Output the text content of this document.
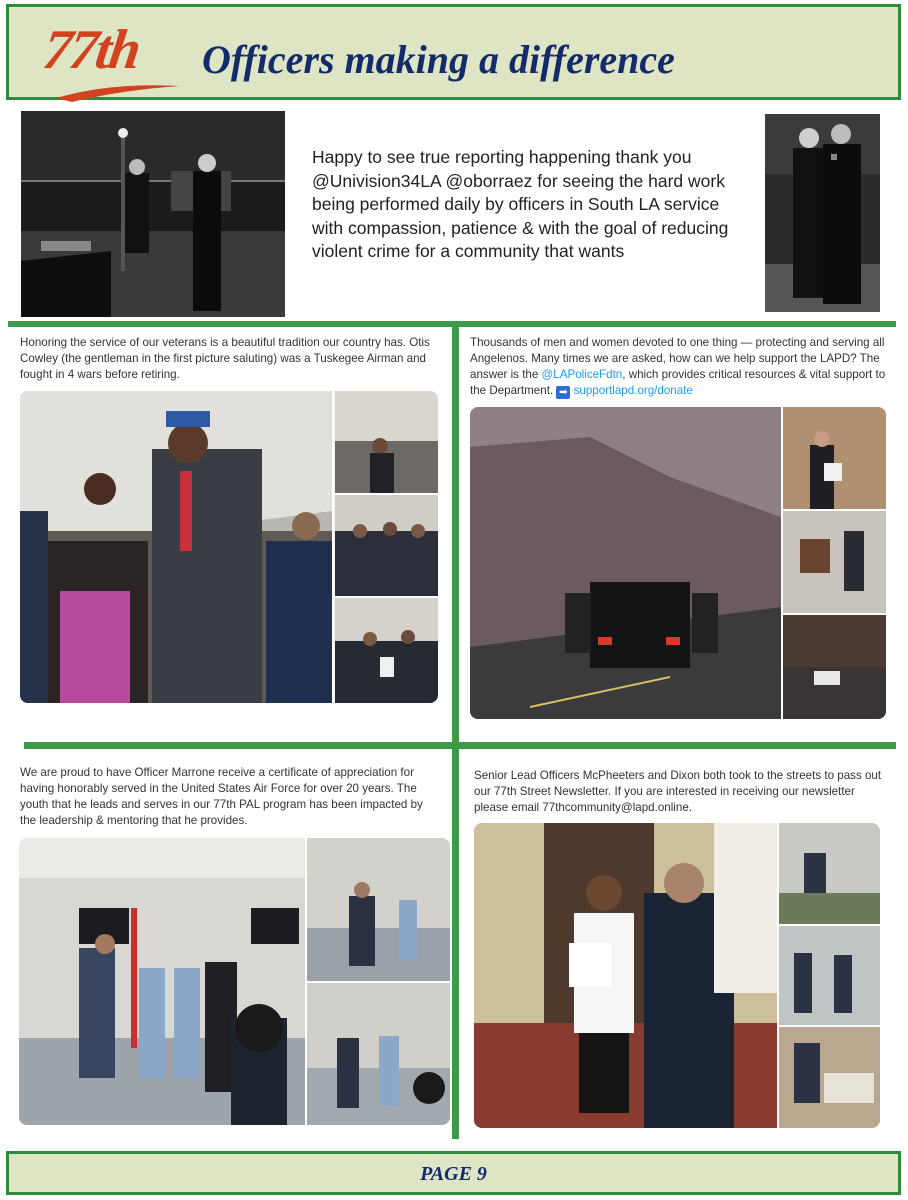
77th Officers making a difference
Happy to see true reporting happening thank you @Univision34LA @oborraez for seeing the hard work being performed daily by officers in South LA service with compassion, patience & with the goal of reducing violent crime for a community that wants
Honoring the service of our veterans is a beautiful tradition our country has. Otis Cowley (the gentleman in the first picture saluting) was a Tuskegee Airman and fought in 4 wars before retiring.
Thousands of men and women devoted to one thing — protecting and serving all Angelenos. Many times we are asked, how can we help support the LAPD? The answer is the @LAPoliceFdtn, which provides critical resources & vital support to the Department. ➡ supportlapd.org/donate
We are proud to have Officer Marrone receive a certificate of appreciation for having honorably served in the United States Air Force for over 20 years. The youth that he leads and serves in our 77th PAL program has been impacted by the leadership & mentoring that he provides.
Senior Lead Officers McPheeters and Dixon both took to the streets to pass out our 77th Street Newsletter. If you are interested in receiving our newsletter please email 77thcommunity@lapd.online.
PAGE 9
